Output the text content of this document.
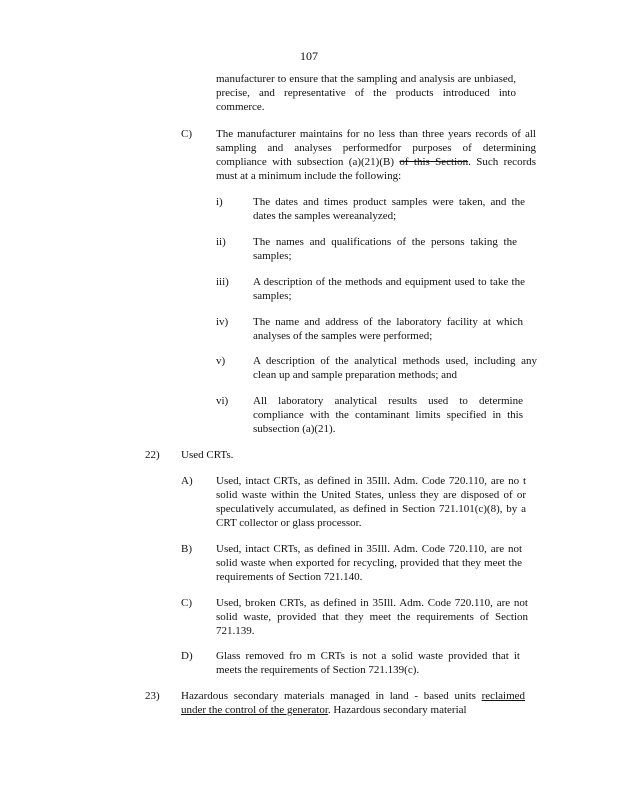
107
manufacturer to ensure that the sampling and analysis are unbiased, precise, and representative of the products introduced into commerce.
C) The manufacturer maintains for no less than three years records of all sampling and analyses performedfor purposes of determining compliance with subsection (a)(21)(B) of this Section. Such records must at a minimum include the following:
i)	The dates and times product samples were taken, and the dates the samples wereanalyzed;
ii) The names and qualifications of the persons taking the samples;
iii) A description of the methods and equipment used to take the samples;
iv) The name and address of the laboratory facility at which analyses of the samples were performed;
v)	A description of the analytical methods used, including any clean up and sample preparation methods; and
vi) All laboratory analytical results used to determine compliance with the contaminant limits specified in this subsection (a)(21).
22) Used CRTs.
A) Used, intact CRTs, as defined in 35Ill. Adm. Code 720.110, are no t solid waste within the United States, unless they are disposed of or speculatively accumulated, as defined in Section 721.101(c)(8), by a CRT collector or glass processor.
B) Used, intact CRTs, as defined in 35Ill. Adm. Code 720.110, are not solid waste when exported for recycling, provided that they meet the requirements of Section 721.140.
C) Used, broken CRTs, as defined in 35Ill. Adm. Code 720.110, are not solid waste, provided that they meet the requirements of Section 721.139.
D) Glass removed fro m CRTs is not a solid waste provided that it meets the requirements of Section 721.139(c).
23) Hazardous secondary materials managed in land - based units reclaimed under the control of the generator. Hazardous secondary material
